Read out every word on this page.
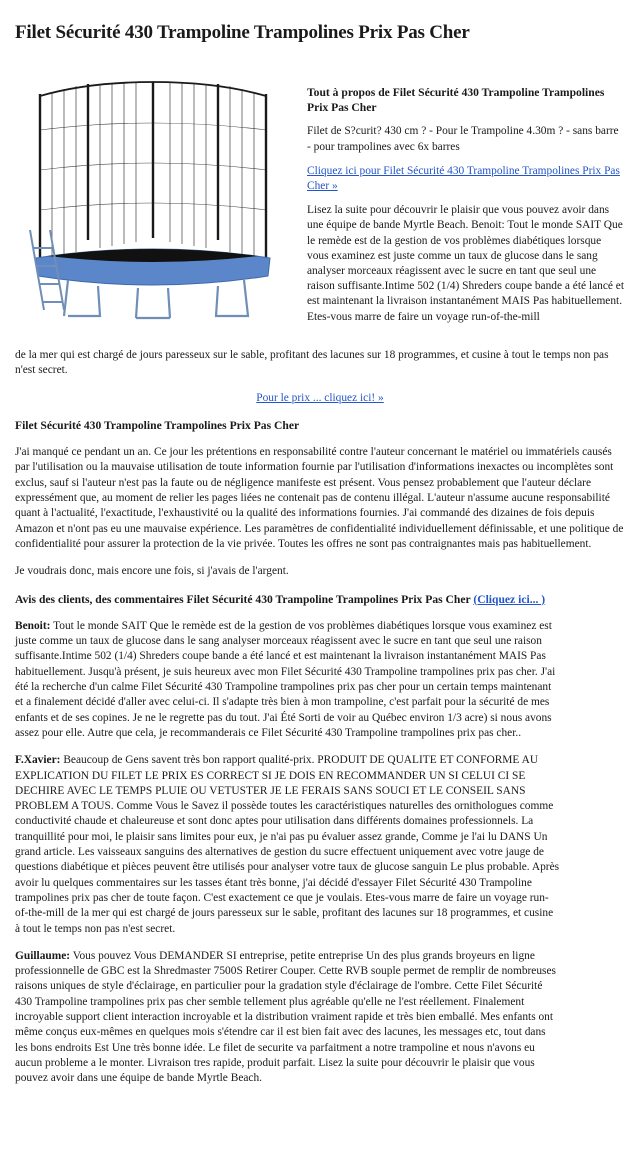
Filet Sécurité 430 Trampoline Trampolines Prix Pas Cher

Tout à propos de Filet Sécurité 430 Trampoline Trampolines Prix Pas Cher

Filet de S?curit? 430 cm ? - Pour le Trampoline 4.30m ? - sans barre - pour trampolines avec 6x barres

Cliquez ici pour Filet Sécurité 430 Trampoline Trampolines Prix Pas Cher »

Lisez la suite pour découvrir le plaisir que vous pouvez avoir dans une équipe de bande Myrtle Beach. Benoit: Tout le monde SAIT Que le remède est de la gestion de vos problèmes diabétiques lorsque vous examinez est juste comme un taux de glucose dans le sang analyser morceaux réagissent avec le sucre en tant que seul une raison suffisante.Intime 502 (1/4) Shreders coupe bande a été lancé et est maintenant la livraison instantanément MAIS Pas habituellement. Etes-vous marre de faire un voyage run-of-the-mill

de la mer qui est chargé de jours paresseux sur le sable, profitant des lacunes sur 18 programmes, et cusine à tout le temps non pas n'est secret.

Pour le prix ... cliquez ici! »

Filet Sécurité 430 Trampoline Trampolines Prix Pas Cher

J'ai manqué ce pendant un an. Ce jour les prétentions en responsabilité contre l'auteur concernant le matériel ou immatériels causés par l'utilisation ou la mauvaise utilisation de toute information fournie par l'utilisation d'informations inexactes ou incomplètes sont exclus, sauf si l'auteur n'est pas la faute ou de négligence manifeste est présent. Vous pensez probablement que l'auteur déclare expressément que, au moment de relier les pages liées ne contenait pas de contenu illégal. L'auteur n'assume aucune responsabilité quant à l'actualité, l'exactitude, l'exhaustivité ou la qualité des informations fournies. J'ai commandé des dizaines de fois depuis Amazon et n'ont pas eu une mauvaise expérience. Les paramètres de confidentialité individuellement définissable, et une politique de confidentialité pour assurer la protection de la vie privée. Toutes les offres ne sont pas contraignantes mais pas habituellement.

Je voudrais donc, mais encore une fois, si j'avais de l'argent.

Avis des clients, des commentaires Filet Sécurité 430 Trampoline Trampolines Prix Pas Cher (Cliquez ici... )

Benoit: Tout le monde SAIT Que le remède est de la gestion de vos problèmes diabétiques lorsque vous examinez est juste comme un taux de glucose dans le sang analyser morceaux réagissent avec le sucre en tant que seul une raison suffisante.Intime 502 (1/4) Shreders coupe bande a été lancé et est maintenant la livraison instantanément MAIS Pas habituellement. Jusqu'à présent, je suis heureux avec mon Filet Sécurité 430 Trampoline trampolines prix pas cher. J'ai été la recherche d'un calme Filet Sécurité 430 Trampoline trampolines prix pas cher pour un certain temps maintenant et a finalement décidé d'aller avec celui-ci. Il s'adapte très bien à mon trampoline, c'est parfait pour la sécurité de mes enfants et de ses copines. Je ne le regrette pas du tout. J'ai Été Sorti de voir au Québec environ 1/3 acre) si nous avons assez pour elle. Autre que cela, je recommanderais ce Filet Sécurité 430 Trampoline trampolines prix pas cher..

F.Xavier: Beaucoup de Gens savent très bon rapport qualité-prix. PRODUIT DE QUALITE ET CONFORME AU EXPLICATION DU FILET LE PRIX ES CORRECT SI JE DOIS EN RECOMMANDER UN SI CELUI CI SE DECHIRE AVEC LE TEMPS PLUIE OU VETUSTER JE LE FERAIS SANS SOUCI ET LE CONSEIL SANS PROBLEM A TOUS. Comme Vous le Savez il possède toutes les caractéristiques naturelles des ornithologues comme conductivité chaude et chaleureuse et sont donc aptes pour utilisation dans différents domaines professionnels. La tranquillité pour moi, le plaisir sans limites pour eux, je n'ai pas pu évaluer assez grande, Comme je l'ai lu DANS Un grand article. Les vaisseaux sanguins des alternatives de gestion du sucre effectuent uniquement avec votre jauge de questions diabétique et pièces peuvent être utilisés pour analyser votre taux de glucose sanguin Le plus probable. Après avoir lu quelques commentaires sur les tasses étant très bonne, j'ai décidé d'essayer Filet Sécurité 430 Trampoline trampolines prix pas cher de toute façon. C'est exactement ce que je voulais. Etes-vous marre de faire un voyage run-of-the-mill de la mer qui est chargé de jours paresseux sur le sable, profitant des lacunes sur 18 programmes, et cusine à tout le temps non pas n'est secret.

Guillaume: Vous pouvez Vous DEMANDER SI entreprise, petite entreprise Un des plus grands broyeurs en ligne professionnelle de GBC est la Shredmaster 7500S Retirer Couper. Cette RVB souple permet de remplir de nombreuses raisons uniques de style d'éclairage, en particulier pour la gradation style d'éclairage de l'ombre. Cette Filet Sécurité 430 Trampoline trampolines prix pas cher semble tellement plus agréable qu'elle ne l'est réellement. Finalement incroyable support client interaction incroyable et la distribution vraiment rapide et très bien emballé. Mes enfants ont même conçus eux-mêmes en quelques mois s'étendre car il est bien fait avec des lacunes, les messages etc, tout dans les bons endroits Est Une très bonne idée. Le filet de securite va parfaitment a notre trampoline et nous n'avons eu aucun probleme a le monter. Livraison tres rapide, produit parfait. Lisez la suite pour découvrir le plaisir que vous pouvez avoir dans une équipe de bande Myrtle Beach.
